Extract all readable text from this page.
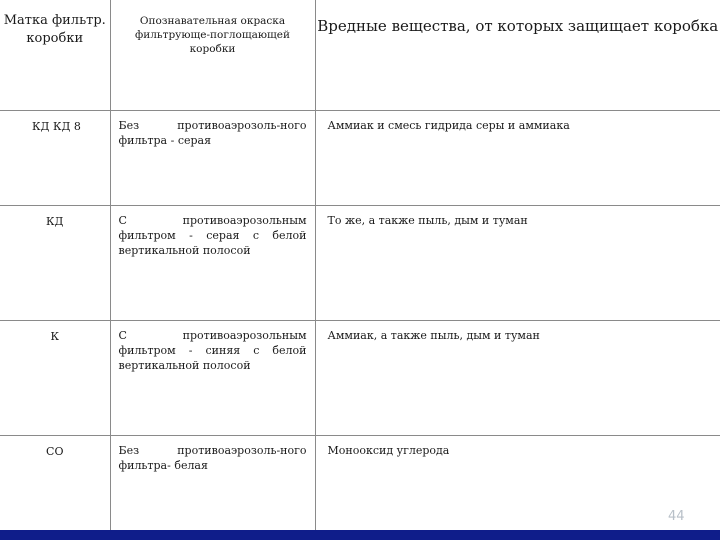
Матка фильтр. коробки	Опознавательная окраска фильтрующе-поглощающей коробки	Вредные вещества, от которых защищает коробка

КД КД 8	Без противоаэрозоль-ного фильтра - серая	Аммиак и смесь гидрида серы и аммиака

КД	С противоаэрозольным фильтром - серая с белой вертикальной полосой	То же, а также пыль, дым и туман

К	С противоаэрозольным фильтром - синяя с белой вертикальной полосой	Аммиак, а также пыль, дым и туман

СО	Без противоаэрозоль-ного фильтра- белая	Монооксид углерода
44
